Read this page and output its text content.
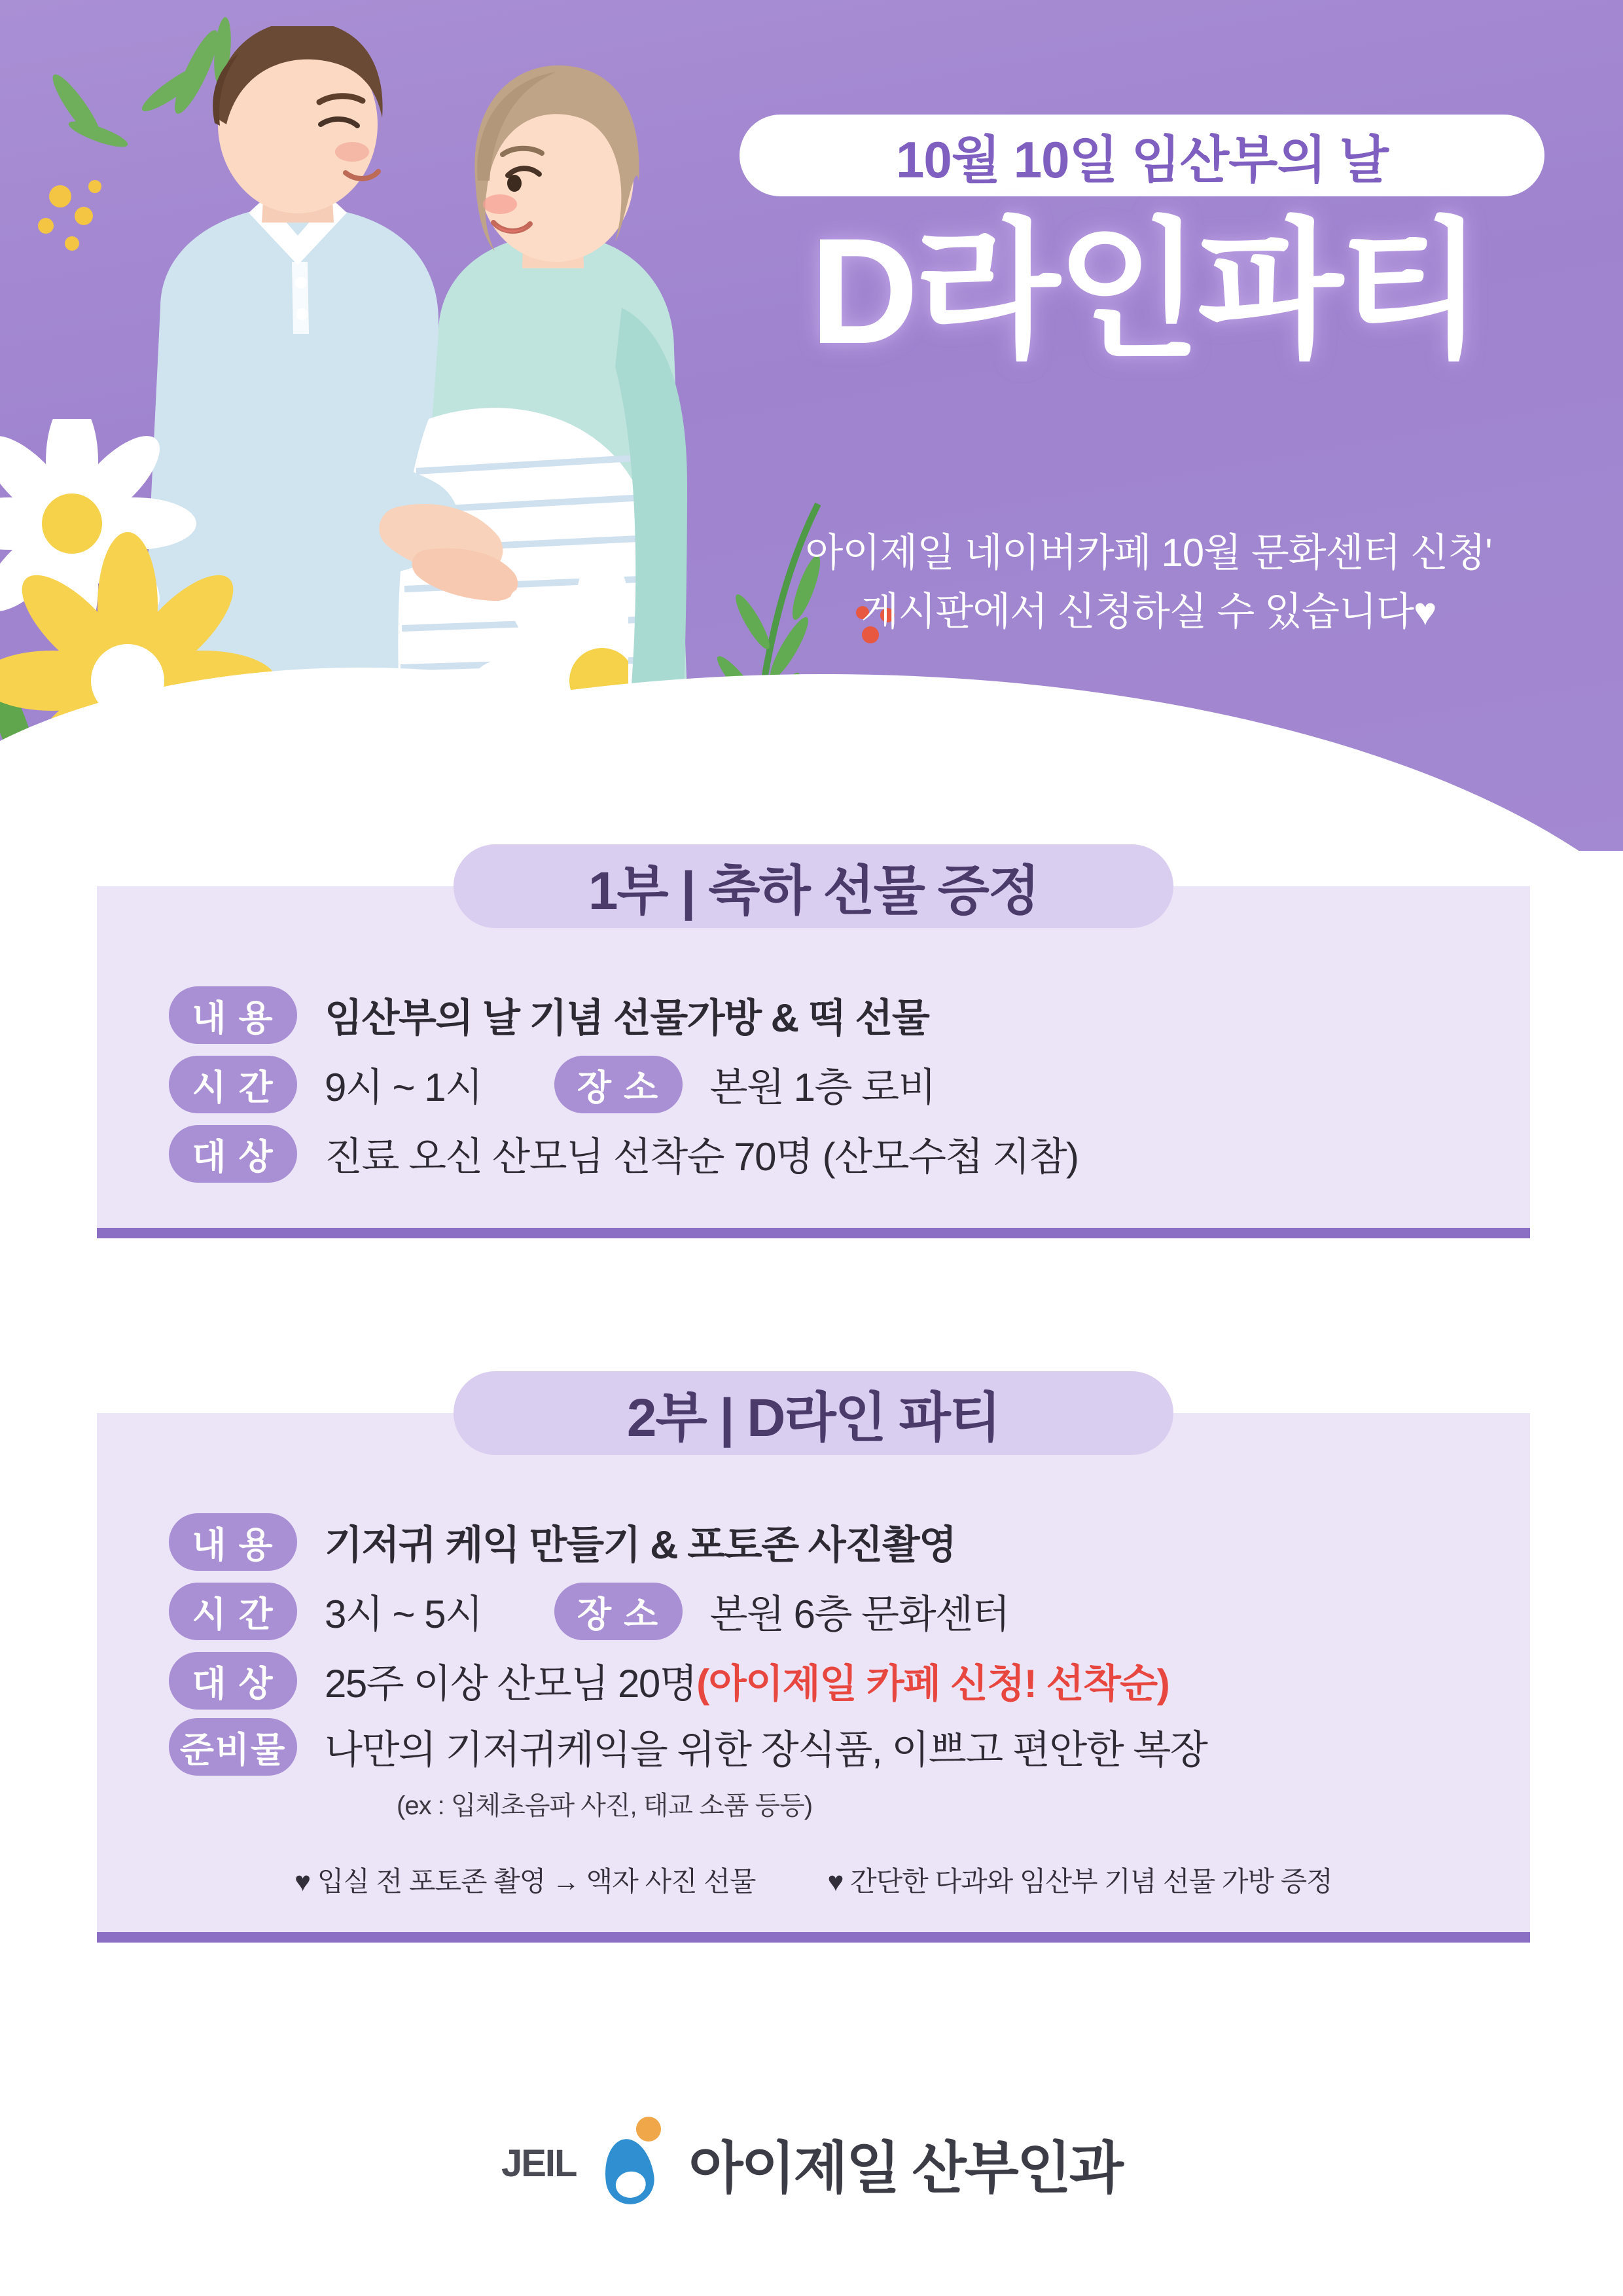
10월 10일 임산부의 날
D라인파티
아이제일 네이버카페 10월 문화센터 신청'
게시판에서 신청하실 수 있습니다♥
1부 | 축하 선물 증정
내 용	임산부의 날 기념 선물가방 & 떡 선물
시 간	9시 ~ 1시	장 소	본원 1층 로비
대 상	진료 오신 산모님 선착순 70명 (산모수첩 지참)
2부 | D라인 파티
내 용	기저귀 케익 만들기 & 포토존 사진촬영
시 간	3시 ~ 5시	장 소	본원 6층 문화센터
대 상	25주 이상 산모님 20명 (아이제일 카페 신청! 선착순)
준비물 나만의 기저귀케익을 위한 장식품, 이쁘고 편안한 복장
(ex : 입체초음파 사진, 태교 소품 등등)
♥ 입실 전 포토존 촬영 → 액자 사진 선물	♥ 간단한 다과와 임산부 기념 선물 가방 증정
JEIL 아이제일 산부인과
